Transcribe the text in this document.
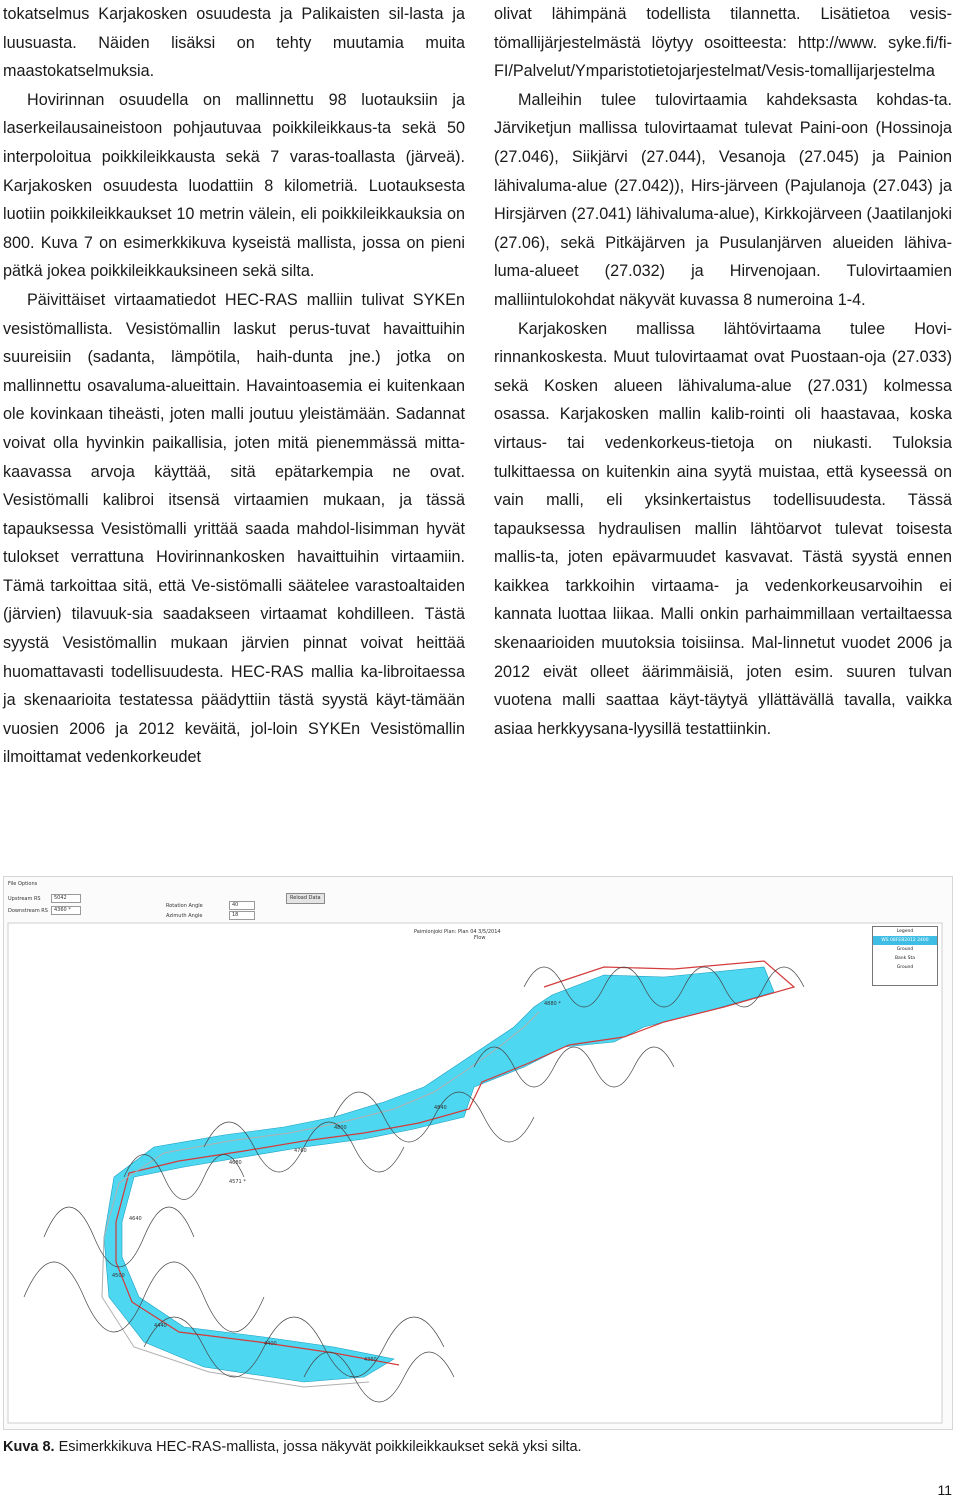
tokatselmus Karjakosken osuudesta ja Palikaisten sil-lasta ja luusuasta. Näiden lisäksi on tehty muutamia muita maastokatselmuksia.

Hovirinnan osuudella on mallinnettu 98 luotauksiin ja laserkeilausaineistoon pohjautuvaa poikkileikkaus-ta sekä 50 interpoloitua poikkileikkausta sekä 7 varas-toallasta (järveä). Karjakosken osuudesta luodattiin 8 kilometriä. Luotauksesta luotiin poikkileikkaukset 10 metrin välein, eli poikkileikkauksia on 800. Kuva 7 on esimerkkikuva kyseistä mallista, jossa on pieni pätkä jokea poikkileikkauksineen sekä silta.

Päivittäiset virtaamatiedot HEC-RAS malliin tulivat SYKEn vesistömallista. Vesistömallin laskut perus-tuvat havaittuihin suureisiin (sadanta, lämpötila, haih-dunta jne.) jotka on mallinnettu osavaluma-alueittain. Havaintoasemia ei kuitenkaan ole kovinkaan tiheästi, joten malli joutuu yleistämään. Sadannat voivat olla hyvinkin paikallisia, joten mitä pienemmässä mitta-kaavassa arvoja käyttää, sitä epätarkempia ne ovat. Vesistömalli kalibroi itsensä virtaamien mukaan, ja tässä tapauksessa Vesistömalli yrittää saada mahdol-lisimman hyvät tulokset verrattuna Hovirinnankosken havaittuihin virtaamiin. Tämä tarkoittaa sitä, että Ve-sistömalli säätelee varastoaltaiden (järvien) tilavuuk-sia saadakseen virtaamat kohdilleen. Tästä syystä Vesistömallin mukaan järvien pinnat voivat heittää huomattavasti todellisuudesta. HEC-RAS mallia ka-libroitaessa ja skenaarioita testatessa päädyttiin tästä syystä käyt-tämään vuosien 2006 ja 2012 keväitä, jol-loin SYKEn Vesistömallin ilmoittamat vedenkorkeudet

olivat lähimpänä todellista tilannetta. Lisätietoa vesis-tömallijärjestelmästä löytyy osoitteesta: http://www. syke.fi/fi-FI/Palvelut/Ymparistotietojarjestelmat/Vesis-tomallijarjestelma

Malleihin tulee tulovirtaamia kahdeksasta kohdas-ta. Järviketjun mallissa tulovirtaamat tulevat Paini-oon (Hossinoja (27.046), Siikjärvi (27.044), Vesanoja (27.045) ja Painion lähivaluma-alue (27.042)), Hirs-järveen (Pajulanoja (27.043) ja Hirsjärven (27.041) lähivaluma-alue), Kirkkojärveen (Jaatilanjoki (27.06), sekä Pitkäjärven ja Pusulanjärven alueiden lähiva-luma-alueet (27.032) ja Hirvenojaan. Tulovirtaamien malliintulokohdat näkyvät kuvassa 8 numeroina 1-4.

Karjakosken mallissa lähtövirtaama tulee Hovi-rinnankoskesta. Muut tulovirtaamat ovat Puostaan-oja (27.033) sekä Kosken alueen lähivaluma-alue (27.031) kolmessa osassa. Karjakosken mallin kalib-rointi oli haastavaa, koska virtaus- tai vedenkorkeus-tietoja on niukasti. Tuloksia tulkittaessa on kuitenkin aina syytä muistaa, että kyseessä on vain malli, eli yksinkertaistus todellisuudesta. Tässä tapauksessa hydraulisen mallin lähtöarvot tulevat toisesta mallis-ta, joten epävarmuudet kasvavat. Tästä syystä ennen kaikkea tarkkoihin virtaama- ja vedenkorkeusarvoihin ei kannata luottaa liikaa. Malli onkin parhaimmillaan vertailtaessa skenaarioiden muutoksia toisiinsa. Mal-linnetut vuodet 2006 ja 2012 eivät olleet äärimmäisiä, joten esim. suuren tulvan vuotena malli saattaa käyt-täytyä yllättävällä tavalla, vaikka asiaa herkkyysana-lyysillä testattiinkin.

4880 *
4840
4800
4760
4680
4640
4571 *
4500
4440
4400
4360
File Options
Upstream RS	5042
Downstream RS	4360 *
Rotation Angle	40
Azimuth Angle	18
Reload Data
Paimionjoki Plan: Plan 04 3/5/2014
Flow
Legend
WS 08FEB2012 2400
Ground
Bank Sta
Ground
Kuva 8. Esimerkkikuva HEC-RAS-mallista, jossa näkyvät poikkileikkaukset sekä yksi silta.
11
